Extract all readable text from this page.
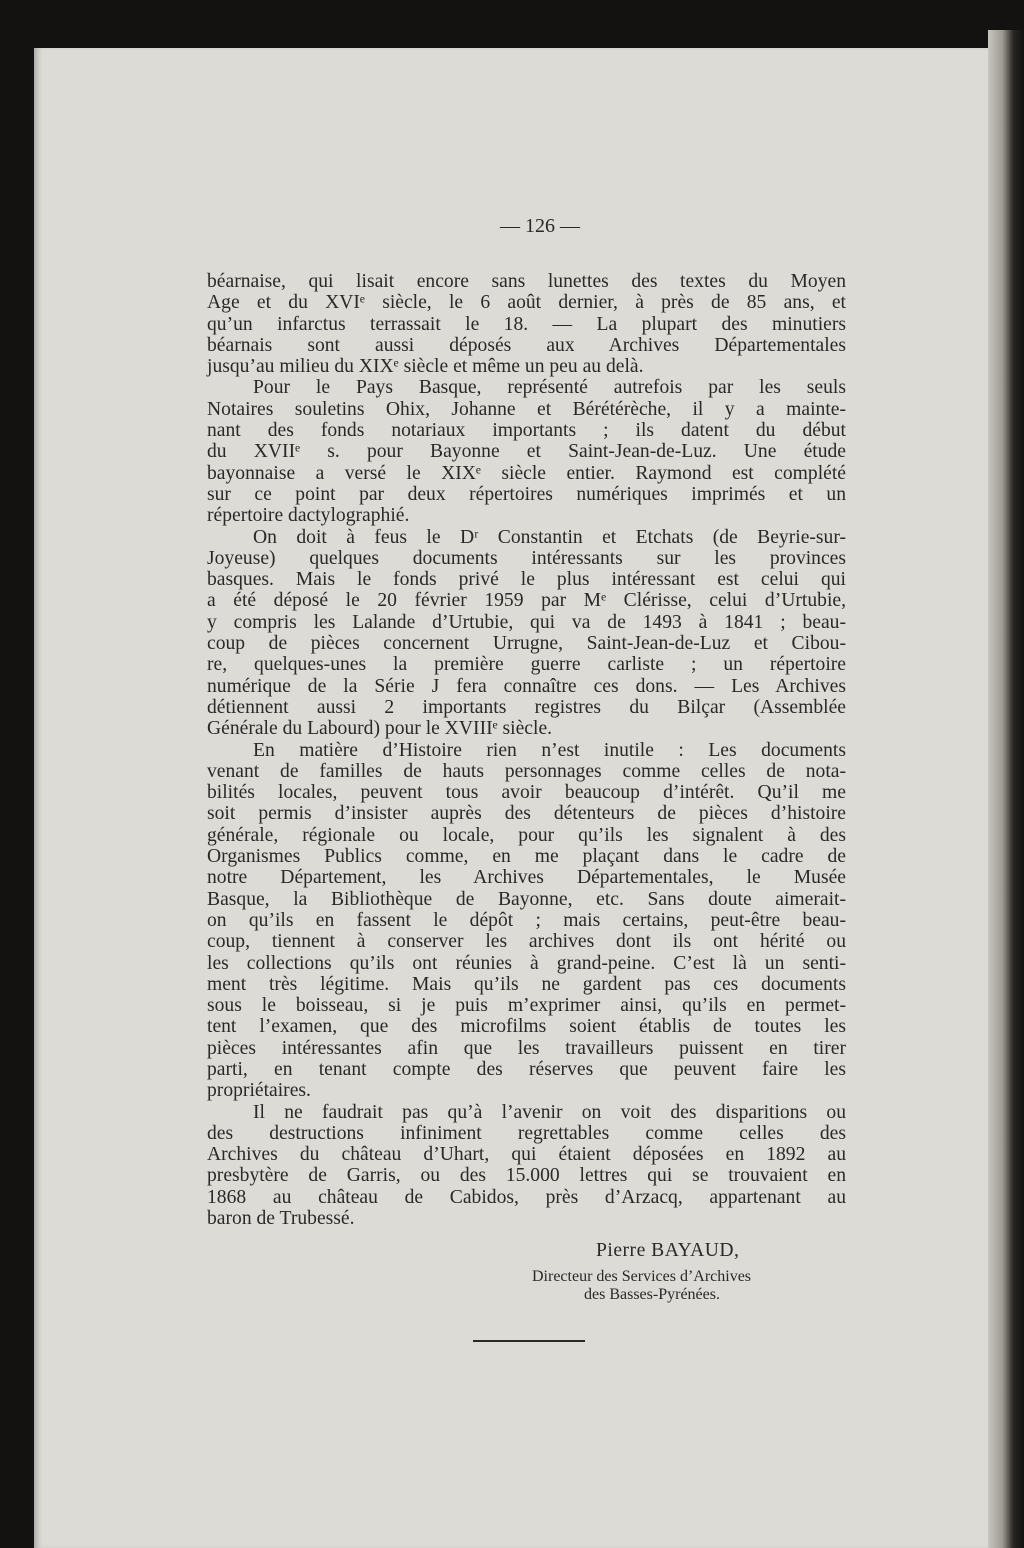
— 126 —
béarnaise, qui lisait encore sans lunettes des textes du Moyen
Age et du XVIᵉ siècle, le 6 août dernier, à près de 85 ans, et
qu’un infarctus terrassait le 18. — La plupart des minutiers
béarnais sont aussi déposés aux Archives Départementales
jusqu’au milieu du XIXᵉ siècle et même un peu au delà.
Pour le Pays Basque, représenté autrefois par les seuls
Notaires souletins Ohix, Johanne et Bérétérèche, il y a mainte-
nant des fonds notariaux importants ; ils datent du début
du XVIIᵉ s. pour Bayonne et Saint-Jean-de-Luz. Une étude
bayonnaise a versé le XIXᵉ siècle entier. Raymond est complété
sur ce point par deux répertoires numériques imprimés et un
répertoire dactylographié.
On doit à feus le Dʳ Constantin et Etchats (de Beyrie-sur-
Joyeuse) quelques documents intéressants sur les provinces
basques. Mais le fonds privé le plus intéressant est celui qui
a été déposé le 20 février 1959 par Mᵉ Clérisse, celui d’Urtubie,
y compris les Lalande d’Urtubie, qui va de 1493 à 1841 ; beau-
coup de pièces concernent Urrugne, Saint-Jean-de-Luz et Cibou-
re, quelques-unes la première guerre carliste ; un répertoire
numérique de la Série J fera connaître ces dons. — Les Archives
détiennent aussi 2 importants registres du Bilçar (Assemblée
Générale du Labourd) pour le XVIIIᵉ siècle.
En matière d’Histoire rien n’est inutile : Les documents
venant de familles de hauts personnages comme celles de nota-
bilités locales, peuvent tous avoir beaucoup d’intérêt. Qu’il me
soit permis d’insister auprès des détenteurs de pièces d’histoire
générale, régionale ou locale, pour qu’ils les signalent à des
Organismes Publics comme, en me plaçant dans le cadre de
notre Département, les Archives Départementales, le Musée
Basque, la Bibliothèque de Bayonne, etc. Sans doute aimerait-
on qu’ils en fassent le dépôt ; mais certains, peut-être beau-
coup, tiennent à conserver les archives dont ils ont hérité ou
les collections qu’ils ont réunies à grand-peine. C’est là un senti-
ment très légitime. Mais qu’ils ne gardent pas ces documents
sous le boisseau, si je puis m’exprimer ainsi, qu’ils en permet-
tent l’examen, que des microfilms soient établis de toutes les
pièces intéressantes afin que les travailleurs puissent en tirer
parti, en tenant compte des réserves que peuvent faire les
propriétaires.
Il ne faudrait pas qu’à l’avenir on voit des disparitions ou
des destructions infiniment regrettables comme celles des
Archives du château d’Uhart, qui étaient déposées en 1892 au
presbytère de Garris, ou des 15.000 lettres qui se trouvaient en
1868 au château de Cabidos, près d’Arzacq, appartenant au
baron de Trubessé.
Pierre BAYAUD,
Directeur des Services d’Archives
des Basses-Pyrénées.
